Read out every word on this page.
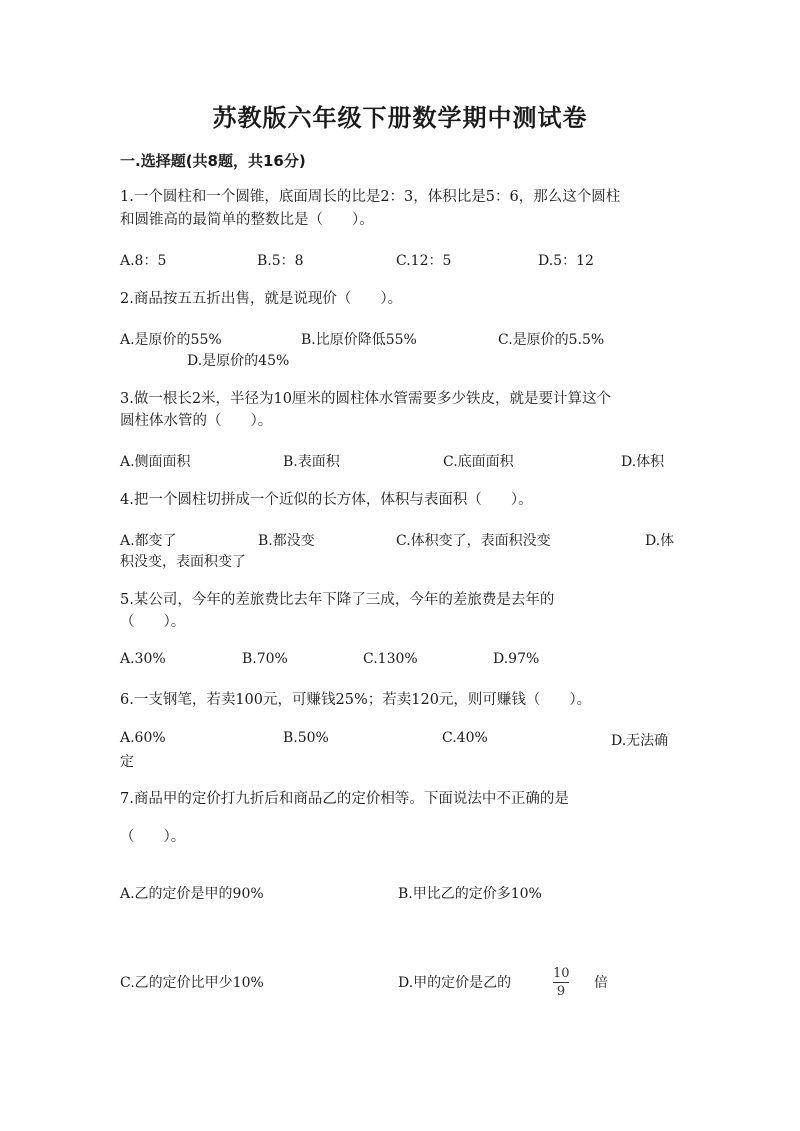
苏教版六年级下册数学期中测试卷
一.选择题(共8题，共16分)
1.一个圆柱和一个圆锥，底面周长的比是2：3，体积比是5：6，那么这个圆柱
和圆锥高的最简单的整数比是（　　）。
A.8：5	B.5：8	C.12：5	D.5：12
2.商品按五五折出售，就是说现价（　　）。
A.是原价的55%	B.比原价降低55%	C.是原价的5.5%
D.是原价的45%
3.做一根长2米，半径为10厘米的圆柱体水管需要多少铁皮，就是要计算这个
圆柱体水管的（　　）。
A.侧面面积	B.表面积	C.底面面积	D.体积
4.把一个圆柱切拼成一个近似的长方体，体积与表面积（　　）。
A.都变了	B.都没变	C.体积变了，表面积没变	D.体
积没变，表面积变了
5.某公司，今年的差旅费比去年下降了三成，今年的差旅费是去年的
（　　）。
A.30%	B.70%	C.130%	D.97%
6.一支钢笔，若卖100元，可赚钱25%；若卖120元，则可赚钱（　　）。
A.60%	B.50%	C.40%	D.无法确
定
7.商品甲的定价打九折后和商品乙的定价相等。下面说法中不正确的是
（　　）。
A.乙的定价是甲的90%	B.甲比乙的定价多10%
C.乙的定价比甲少10%	D.甲的定价是乙的
10
9
倍
